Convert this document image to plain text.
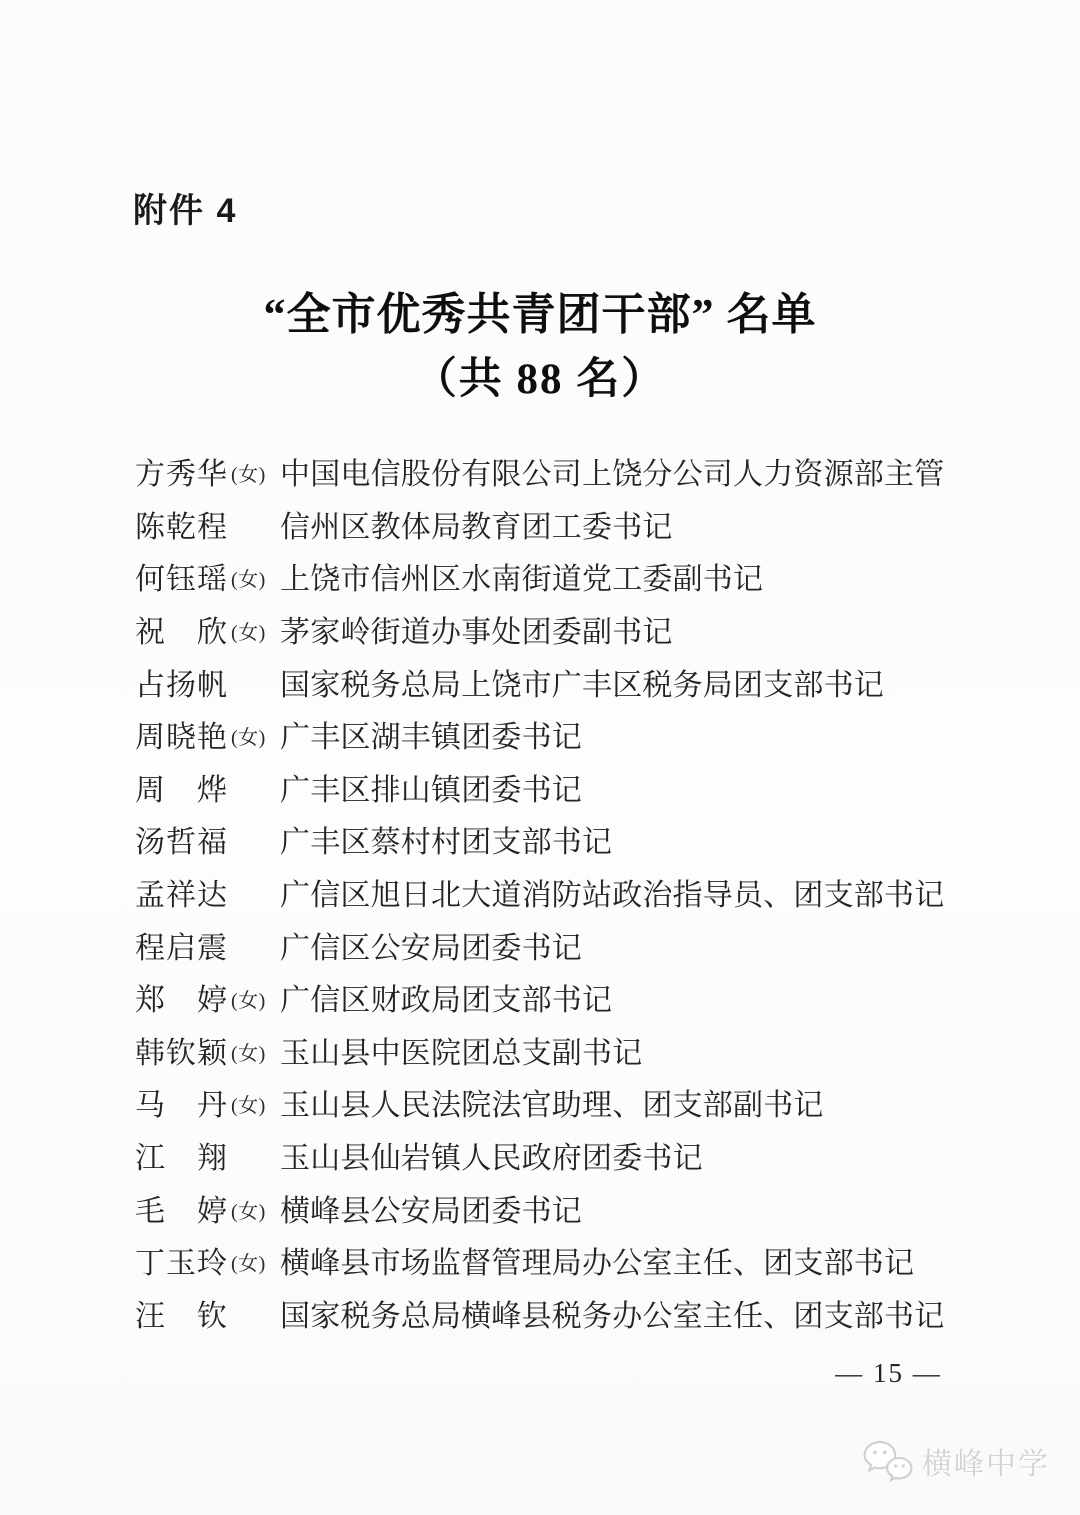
附件 4
“全市优秀共青团干部” 名单
（共 88 名）
方秀华 (女) 中国电信股份有限公司上饶分公司人力资源部主管
陈乾程 信州区教体局教育团工委书记
何钰瑶 (女) 上饶市信州区水南街道党工委副书记
祝　欣 (女) 茅家岭街道办事处团委副书记
占扬帆 国家税务总局上饶市广丰区税务局团支部书记
周晓艳 (女) 广丰区湖丰镇团委书记
周　烨 广丰区排山镇团委书记
汤哲福 广丰区蔡村村团支部书记
孟祥达 广信区旭日北大道消防站政治指导员、团支部书记
程启震 广信区公安局团委书记
郑　婷 (女) 广信区财政局团支部书记
韩钦颖 (女) 玉山县中医院团总支副书记
马　丹 (女) 玉山县人民法院法官助理、团支部副书记
江　翔 玉山县仙岩镇人民政府团委书记
毛　婷 (女) 横峰县公安局团委书记
丁玉玲 (女) 横峰县市场监督管理局办公室主任、团支部书记
汪　钦 国家税务总局横峰县税务办公室主任、团支部书记
— 15 —
横峰中学
